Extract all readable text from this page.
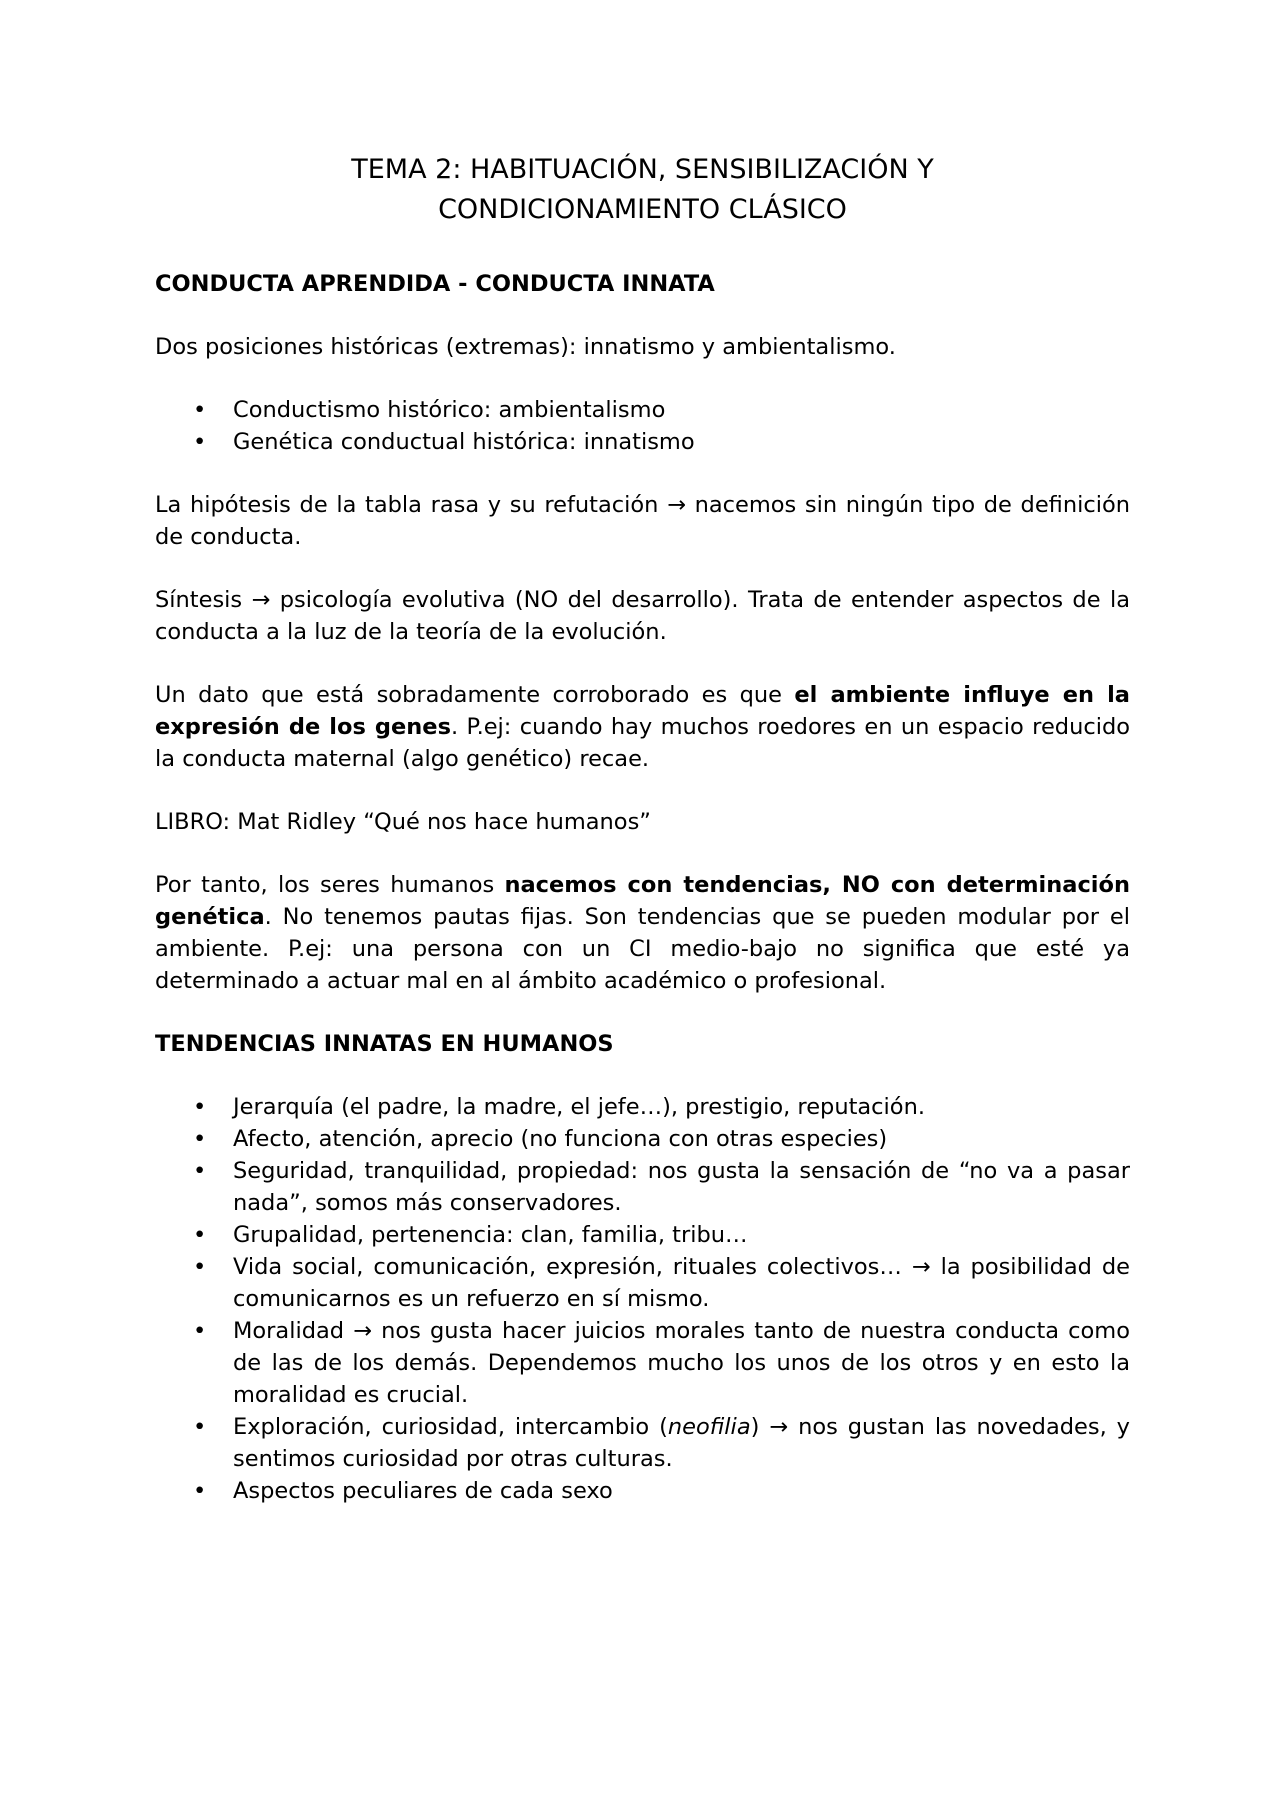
TEMA 2: HABITUACIÓN, SENSIBILIZACIÓN Y
CONDICIONAMIENTO CLÁSICO
CONDUCTA APRENDIDA - CONDUCTA INNATA

Dos posiciones históricas (extremas): innatismo y ambientalismo.

• Conductismo histórico: ambientalismo
• Genética conductual histórica: innatismo

La hipótesis de la tabla rasa y su refutación → nacemos sin ningún tipo de definición de conducta.

Síntesis → psicología evolutiva (NO del desarrollo). Trata de entender aspectos de la conducta a la luz de la teoría de la evolución.

Un dato que está sobradamente corroborado es que el ambiente influye en la expresión de los genes. P.ej: cuando hay muchos roedores en un espacio reducido la conducta maternal (algo genético) recae.

LIBRO: Mat Ridley “Qué nos hace humanos”

Por tanto, los seres humanos nacemos con tendencias, NO con determinación genética. No tenemos pautas fijas. Son tendencias que se pueden modular por el ambiente. P.ej: una persona con un CI medio-bajo no significa que esté ya determinado a actuar mal en al ámbito académico o profesional.

TENDENCIAS INNATAS EN HUMANOS
• Jerarquía (el padre, la madre, el jefe…), prestigio, reputación.
• Afecto, atención, aprecio (no funciona con otras especies)
• Seguridad, tranquilidad, propiedad: nos gusta la sensación de “no va a pasar nada”, somos más conservadores.
• Grupalidad, pertenencia: clan, familia, tribu…
• Vida social, comunicación, expresión, rituales colectivos… → la posibilidad de comunicarnos es un refuerzo en sí mismo.
• Moralidad → nos gusta hacer juicios morales tanto de nuestra conducta como de las de los demás. Dependemos mucho los unos de los otros y en esto la moralidad es crucial.
• Exploración, curiosidad, intercambio (neofilia) → nos gustan las novedades, y sentimos curiosidad por otras culturas.
• Aspectos peculiares de cada sexo
